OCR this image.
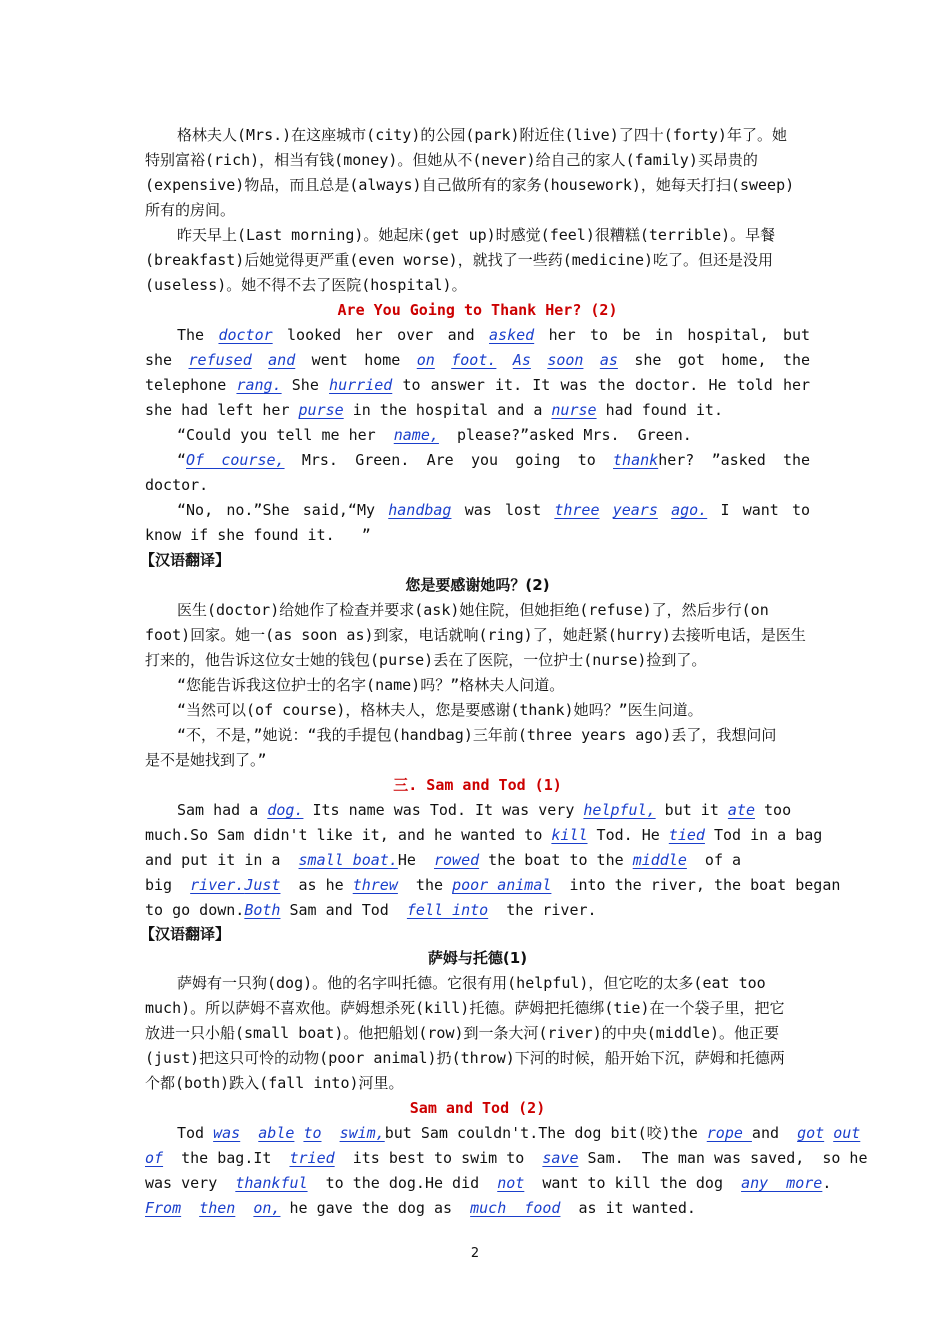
格林夫人(Mrs.)在这座城市(city)的公园(park)附近住(live)了四十(forty)年了。她
特别富裕(rich)，相当有钱(money)。但她从不(never)给自己的家人(family)买昂贵的
(expensive)物品，而且总是(always)自己做所有的家务(housework)，她每天打扫(sweep)
所有的房间。
昨天早上(Last morning)。她起床(get up)时感觉(feel)很糟糕(terrible)。早餐
(breakfast)后她觉得更严重(even worse)，就找了一些药(medicine)吃了。但还是没用
(useless)。她不得不去了医院(hospital)。
Are You Going to Thank Her? (2)
The doctor looked her over and asked her to be in hospital, but
she refused and went home on foot. As soon as she got home, the
telephone rang. She hurried to answer it. It was the doctor. He told her
she had left her purse in the hospital and a nurse had found it.
“Could you tell me her  name,  please?”asked Mrs.  Green.
“Of course, Mrs. Green. Are you going to thankher? ”asked the
doctor.
“No, no.”She said,“My handbag was lost three years ago. I want to
know if she found it.   ”
【汉语翻译】
您是要感谢她吗？(2)
医生(doctor)给她作了检查并要求(ask)她住院，但她拒绝(refuse)了，然后步行(on
foot)回家。她一(as soon as)到家，电话就响(ring)了，她赶紧(hurry)去接听电话，是医生
打来的，他告诉这位女士她的钱包(purse)丢在了医院，一位护士(nurse)捡到了。
“您能告诉我这位护士的名字(name)吗？”格林夫人问道。
“当然可以(of course)，格林夫人，您是要感谢(thank)她吗？”医生问道。
“不，不是，”她说：“我的手提包(handbag)三年前(three years ago)丢了，我想问问
是不是她找到了。”
三. Sam and Tod (1)
Sam had a dog. Its name was Tod. It was very helpful, but it ate too
much.So Sam didn't like it, and he wanted to kill Tod. He tied Tod in a bag
and put it in a  small boat.He  rowed the boat to the middle  of a
big  river.Just  as he threw  the poor animal  into the river, the boat began
to go down.Both Sam and Tod  fell into  the river.
【汉语翻译】
萨姆与托德(1)
萨姆有一只狗(dog)。他的名字叫托德。它很有用(helpful)，但它吃的太多(eat too
much)。所以萨姆不喜欢他。萨姆想杀死(kill)托德。萨姆把托德绑(tie)在一个袋子里，把它
放进一只小船(small boat)。他把船划(row)到一条大河(river)的中央(middle)。他正要
(just)把这只可怜的动物(poor animal)扔(throw)下河的时候，船开始下沉，萨姆和托德两
个都(both)跌入(fall into)河里。
Sam and Tod (2)
Tod was able to swim,but Sam couldn't.The dog bit(咬)the rope and  got out
of  the bag.It  tried  its best to swim to  save Sam.  The man was saved,  so he
was very  thankful  to the dog.He did  not  want to kill the dog  any  more.
From then on, he gave the dog as  much  food  as it wanted.
2
